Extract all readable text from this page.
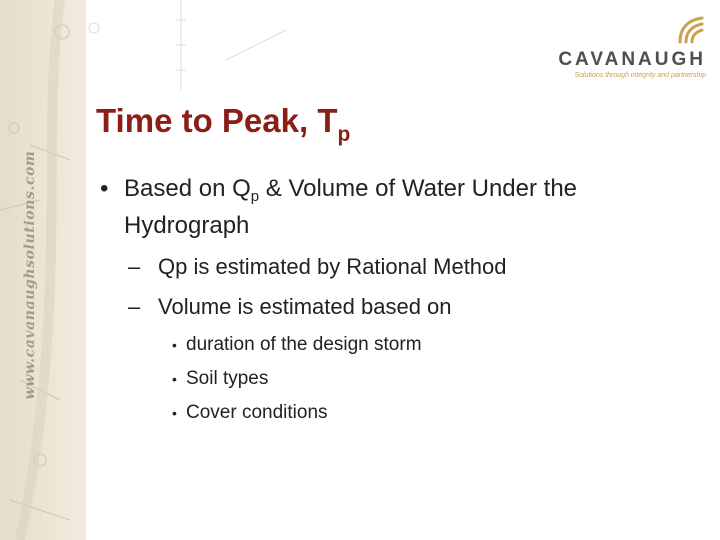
www.cavanaughsolutions.com
CAVANAUGH
Solutions through integrity and partnership
Time to Peak, $T_p$
• Based on $Q_p$ & Volume of Water Under the Hydrograph
– Qp is estimated by Rational Method
– Volume is estimated based on
• duration of the design storm
• Soil types
• Cover conditions
